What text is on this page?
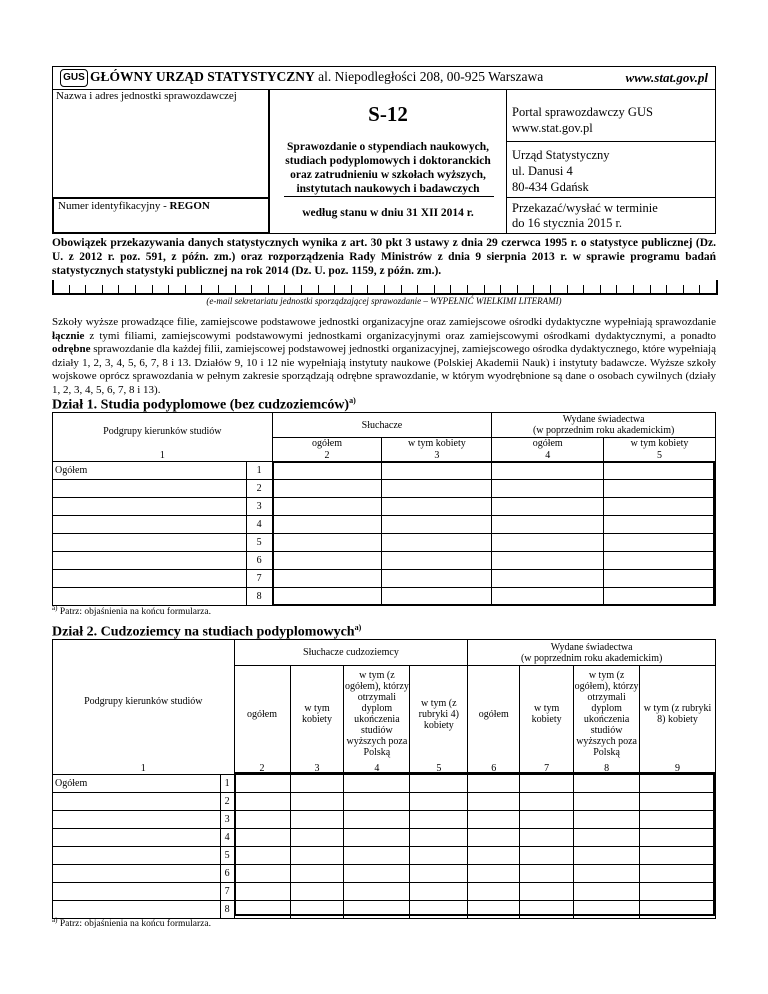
GUS GŁÓWNY URZĄD STATYSTYCZNY al. Niepodległości 208, 00-925 Warszawa	www.stat.gov.pl
Nazwa i adres jednostki sprawozdawczej
Numer identyfikacyjny - REGON
S-12
Sprawozdanie o stypendiach naukowych, studiach podyplomowych i doktoranckich oraz zatrudnieniu w szkołach wyższych, instytutach naukowych i badawczych
według stanu w dniu 31 XII 2014 r.
Portal sprawozdawczy GUS
www.stat.gov.pl
Urząd Statystyczny
ul. Danusi 4
80-434 Gdańsk
Przekazać/wysłać w terminie
do 16 stycznia 2015 r.
Obowiązek przekazywania danych statystycznych wynika z art. 30 pkt 3 ustawy z dnia 29 czerwca 1995 r. o statystyce publicznej (Dz. U. z 2012 r. poz. 591, z późn. zm.) oraz rozporządzenia Rady Ministrów z dnia 9 sierpnia 2013 r. w sprawie programu badań statystycznych statystyki publicznej na rok 2014 (Dz. U. poz. 1159, z późn. zm.).
(e-mail sekretariatu jednostki sporządzającej sprawozdanie – WYPEŁNIĆ WIELKIMI LITERAMI)
Szkoły wyższe prowadzące filie, zamiejscowe podstawowe jednostki organizacyjne oraz zamiejscowe ośrodki dydaktyczne wypełniają sprawozdanie łącznie z tymi filiami, zamiejscowymi podstawowymi jednostkami organizacyjnymi oraz zamiejscowymi ośrodkami dydaktycznymi, a ponadto odrębne sprawozdanie dla każdej filii, zamiejscowej podstawowej jednostki organizacyjnej, zamiejscowego ośrodka dydaktycznego, które wypełniają działy 1, 2, 3, 4, 5, 6, 7, 8 i 13. Działów 9, 10 i 12 nie wypełniają instytuty naukowe (Polskiej Akademii Nauk) i instytuty badawcze. Wyższe szkoły wojskowe oprócz sprawozdania w pełnym zakresie sporządzają odrębne sprawozdanie, w którym wyodrębnione są dane o osobach cywilnych (działy 1, 2, 3, 4, 5, 6, 7, 8 i 13).
Dział 1. Studia podyplomowe (bez cudzoziemców)$^{a)}$
Podgrupy kierunków studiów		Słuchacze		Wydane świadectwa
(w poprzednim roku akademickim)	

		ogółem	w tym kobiety	ogółem	w tym kobiety
1		2	3	4	5
Ogółem	1				
	2				
	3				
	4				
	5				
	6				
	7				
	8				
$^{a)}$ Patrz: objaśnienia na końcu formularza.
Dział 2. Cudzoziemcy na studiach podyplomowych$^{a)}$
Podgrupy kierunków studiów		Słuchacze cudzoziemcy				Wydane świadectwa
(w poprzednim roku akademickim)			

		ogółem	w tym kobiety	w tym (z ogółem), którzy otrzymali dyplom ukończenia studiów wyższych poza Polską	w tym (z rubryki 4) kobiety	ogółem	w tym kobiety	w tym (z ogółem), którzy otrzymali dyplom ukończenia studiów wyższych poza Polską	w tym (z rubryki 8) kobiety
1		2	3	4	5	6	7	8	9
Ogółem	1								
	2								
	3								
	4								
	5								
	6								
	7								
	8								
$^{a)}$ Patrz: objaśnienia na końcu formularza.
